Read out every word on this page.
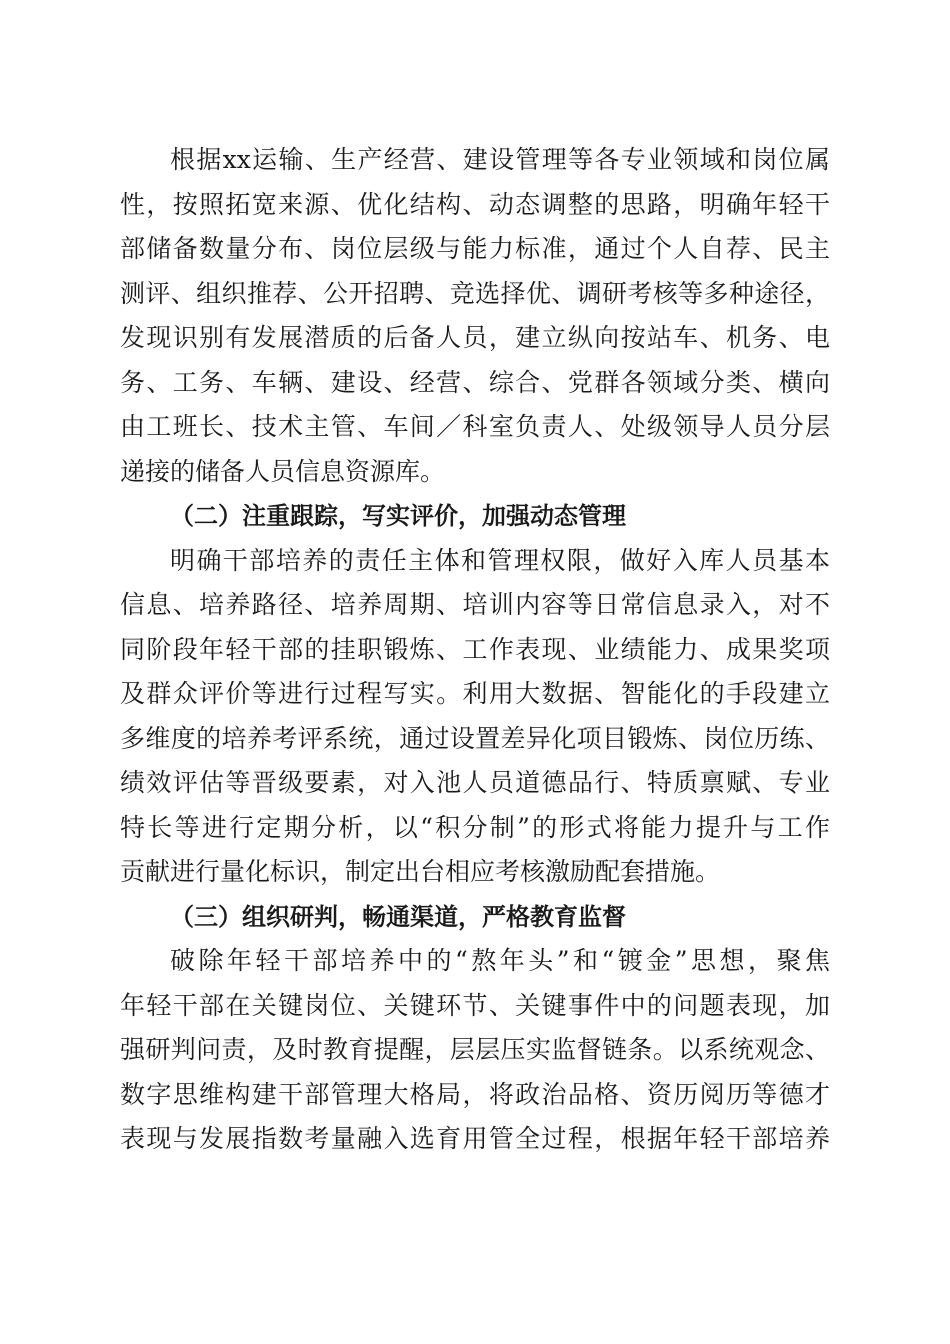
根据xx运输、生产经营、建设管理等各专业领域和岗位属
性，按照拓宽来源、优化结构、动态调整的思路，明确年轻干
部储备数量分布、岗位层级与能力标准，通过个人自荐、民主
测评、组织推荐、公开招聘、竞选择优、调研考核等多种途径，
发现识别有发展潜质的后备人员，建立纵向按站车、机务、电
务、工务、车辆、建设、经营、综合、党群各领域分类、横向
由工班长、技术主管、车间／科室负责人、处级领导人员分层
递接的储备人员信息资源库。
（二）注重跟踪，写实评价，加强动态管理
明确干部培养的责任主体和管理权限，做好入库人员基本
信息、培养路径、培养周期、培训内容等日常信息录入，对不
同阶段年轻干部的挂职锻炼、工作表现、业绩能力、成果奖项
及群众评价等进行过程写实。利用大数据、智能化的手段建立
多维度的培养考评系统，通过设置差异化项目锻炼、岗位历练、
绩效评估等晋级要素，对入池人员道德品行、特质禀赋、专业
特长等进行定期分析，以“积分制”的形式将能力提升与工作
贡献进行量化标识，制定出台相应考核激励配套措施。
（三）组织研判，畅通渠道，严格教育监督
破除年轻干部培养中的“熬年头”和“镀金”思想，聚焦
年轻干部在关键岗位、关键环节、关键事件中的问题表现，加
强研判问责，及时教育提醒，层层压实监督链条。以系统观念、
数字思维构建干部管理大格局，将政治品格、资历阅历等德才
表现与发展指数考量融入选育用管全过程，根据年轻干部培养
